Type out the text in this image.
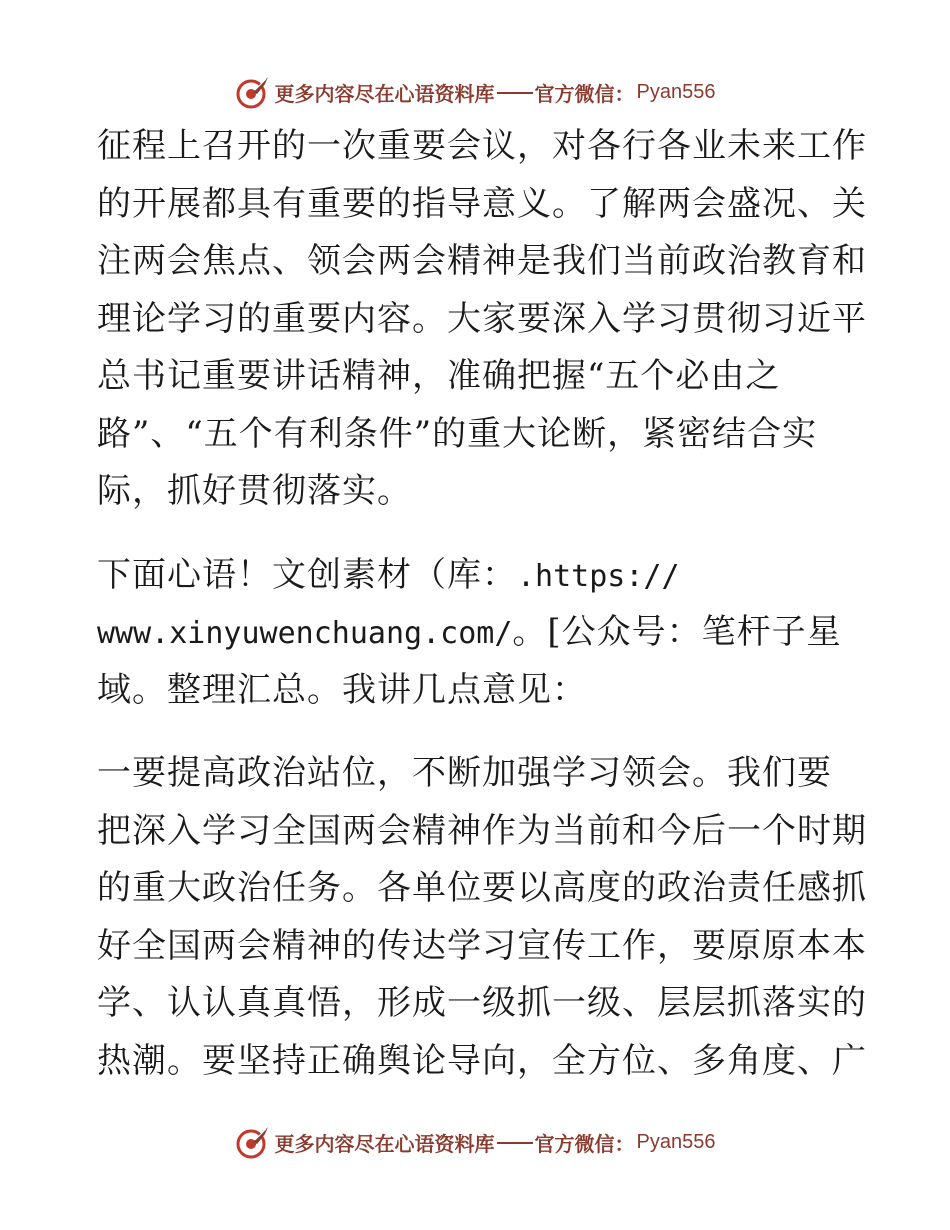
更多内容尽在心语资料库 官方微信： Pyan556

征程上召开的一次重要会议，对各行各业未来工作
的开展都具有重要的指导意义。了解两会盛况、关
注两会焦点、领会两会精神是我们当前政治教育和
理论学习的重要内容。大家要深入学习贯彻习近平
总书记重要讲话精神，准确把握“五个必由之
路”、“五个有利条件”的重大论断，紧密结合实
际，抓好贯彻落实。

下面心语！文创素材（库：.https://
www.xinyuwenchuang.com/。[公众号：笔杆子星
域。整理汇总。我讲几点意见：

一要提高政治站位，不断加强学习领会。我们要
把深入学习全国两会精神作为当前和今后一个时期
的重大政治任务。各单位要以高度的政治责任感抓
好全国两会精神的传达学习宣传工作，要原原本本
学、认认真真悟，形成一级抓一级、层层抓落实的
热潮。要坚持正确舆论导向，全方位、多角度、广

更多内容尽在心语资料库 官方微信： Pyan556
